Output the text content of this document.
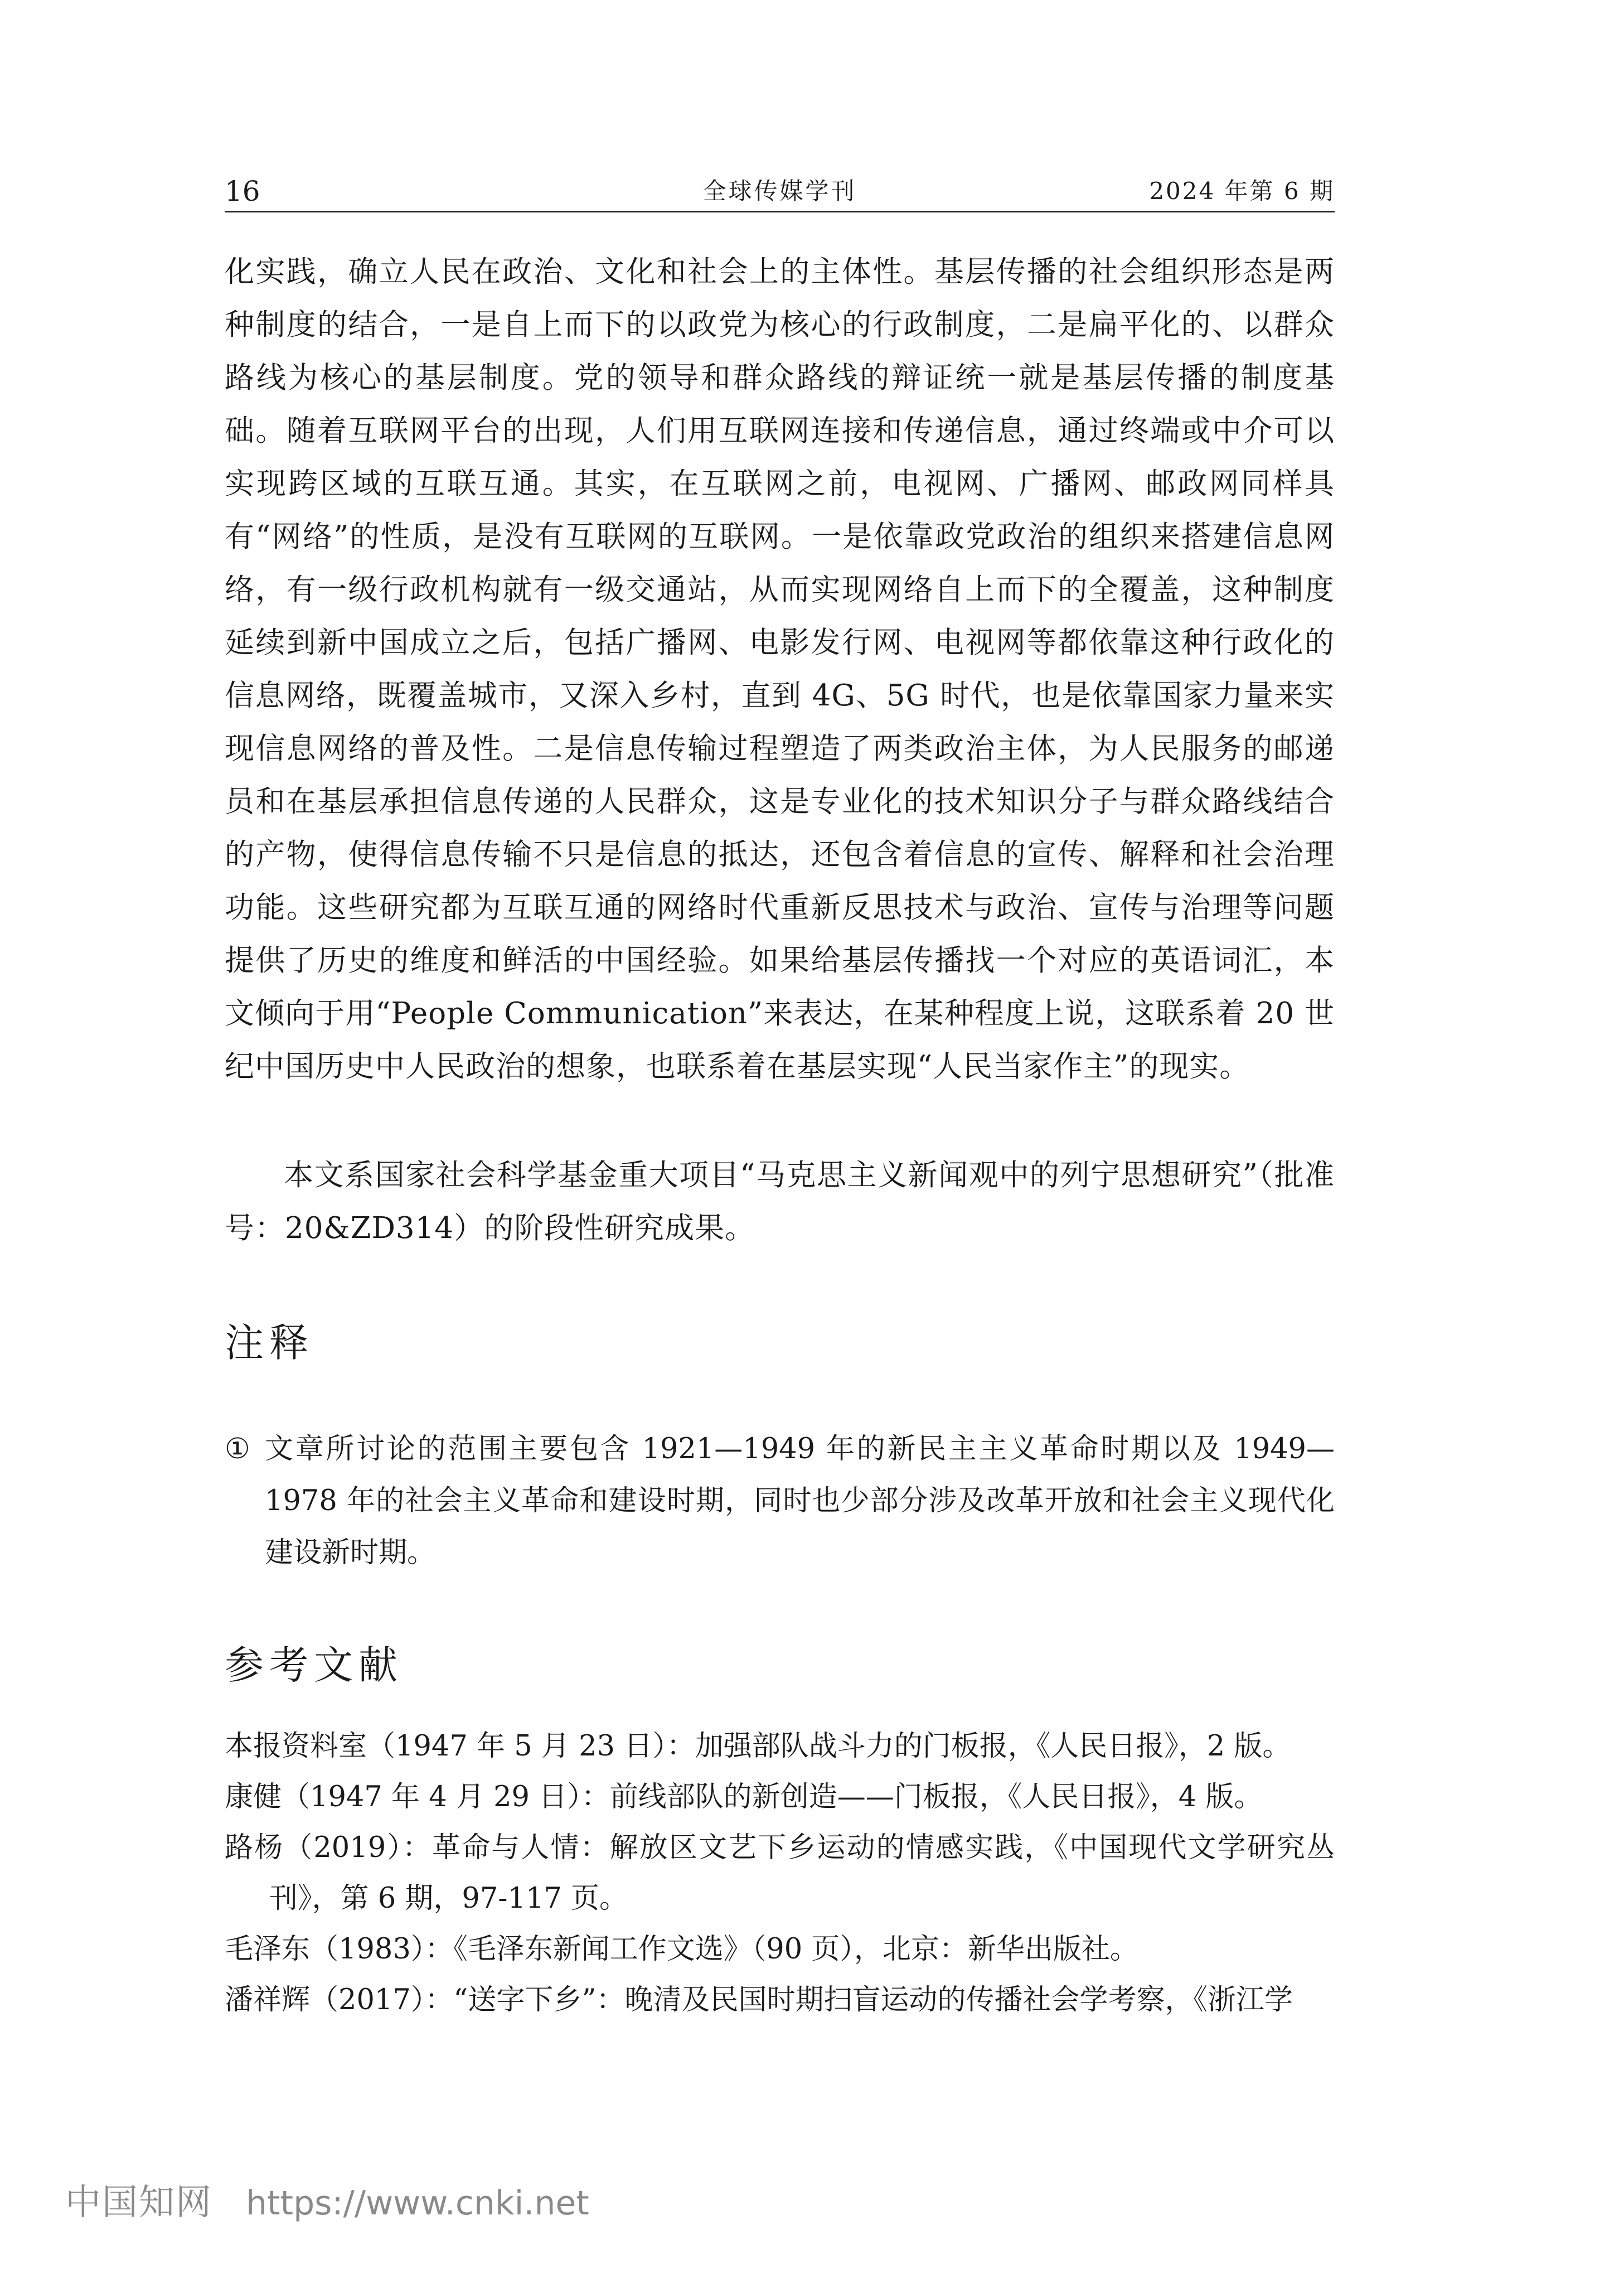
16	全球传媒学刊	2024 年第 6 期

化实践，确立人民在政治、文化和社会上的主体性。基层传播的社会组织形态是两种制度的结合，一是自上而下的以政党为核心的行政制度，二是扁平化的、以群众路线为核心的基层制度。党的领导和群众路线的辩证统一就是基层传播的制度基础。随着互联网平台的出现，人们用互联网连接和传递信息，通过终端或中介可以实现跨区域的互联互通。其实，在互联网之前，电视网、广播网、邮政网同样具有“网络”的性质，是没有互联网的互联网。一是依靠政党政治的组织来搭建信息网络，有一级行政机构就有一级交通站，从而实现网络自上而下的全覆盖，这种制度延续到新中国成立之后，包括广播网、电影发行网、电视网等都依靠这种行政化的信息网络，既覆盖城市，又深入乡村，直到 4G、5G 时代，也是依靠国家力量来实现信息网络的普及性。二是信息传输过程塑造了两类政治主体，为人民服务的邮递员和在基层承担信息传递的人民群众，这是专业化的技术知识分子与群众路线结合的产物，使得信息传输不只是信息的抵达，还包含着信息的宣传、解释和社会治理功能。这些研究都为互联互通的网络时代重新反思技术与政治、宣传与治理等问题提供了历史的维度和鲜活的中国经验。如果给基层传播找一个对应的英语词汇，本文倾向于用“People Communication”来表达，在某种程度上说，这联系着 20 世纪中国历史中人民政治的想象，也联系着在基层实现“人民当家作主”的现实。

本文系国家社会科学基金重大项目“马克思主义新闻观中的列宁思想研究”（批准号：20&ZD314）的阶段性研究成果。

注释
① 文章所讨论的范围主要包含 1921—1949 年的新民主主义革命时期以及 1949—1978 年的社会主义革命和建设时期，同时也少部分涉及改革开放和社会主义现代化建设新时期。
参考文献
本报资料室（1947 年 5 月 23 日）：加强部队战斗力的门板报，《人民日报》，2 版。
康健（1947 年 4 月 29 日）：前线部队的新创造——门板报，《人民日报》，4 版。
路杨（2019）：革命与人情：解放区文艺下乡运动的情感实践，《中国现代文学研究丛刊》，第 6 期，97-117 页。
毛泽东（1983）：《毛泽东新闻工作文选》（90 页），北京：新华出版社。
潘祥辉（2017）：“送字下乡”：晚清及民国时期扫盲运动的传播社会学考察，《浙江学
中国知网 https://www.cnki.net
